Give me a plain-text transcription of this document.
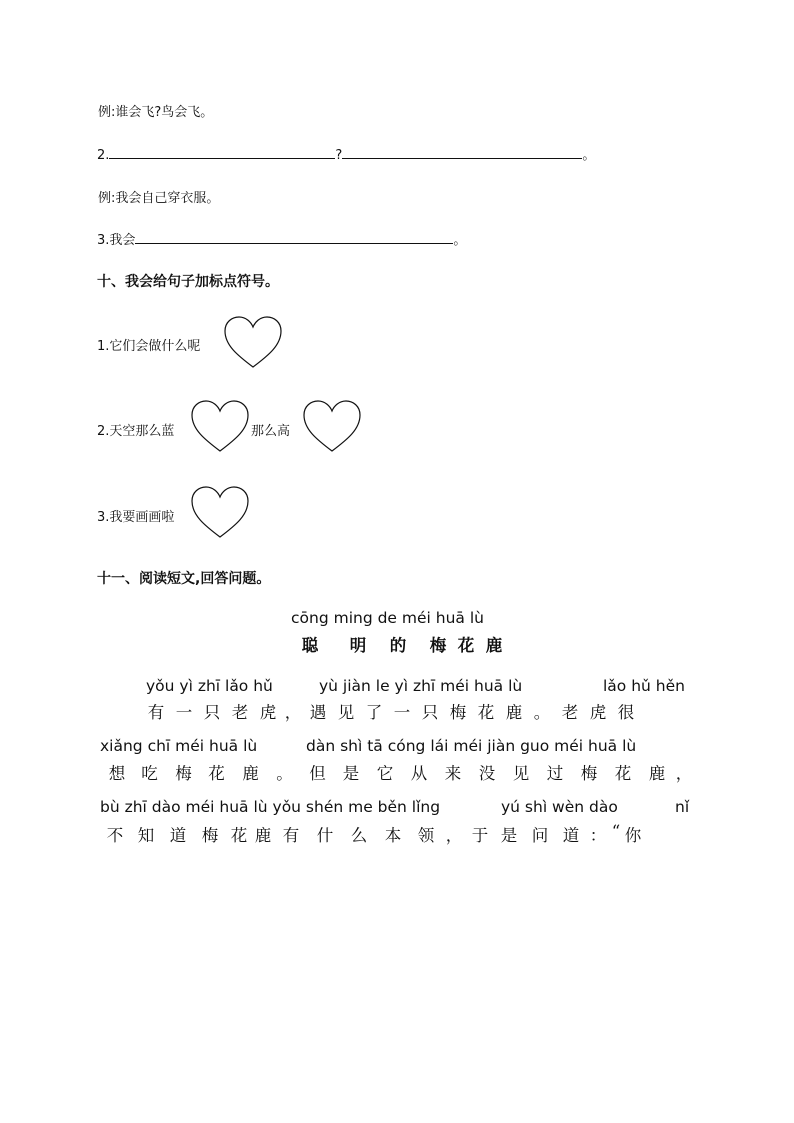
例:谁会飞?鸟会飞。
2.	?	。
例:我会自己穿衣服。
3.我会	。
十、我会给句子加标点符号。
1.它们会做什么呢
2.天空那么蓝	那么高
3.我要画画啦
十一、阅读短文,回答问题。
cōng ming de méi huā lù
聪	明	的	梅 花 鹿
yǒu yì zhī lǎo hǔ	yù jiàn le yì zhī méi huā lù	lǎo hǔ hěn
有 一 只 老 虎 ， 遇 见 了 一 只 梅 花 鹿 。 老 虎 很
xiǎng chī méi huā lù	dàn shì tā cóng lái méi jiàn guo méi huā lù
想 吃	梅	花	鹿	。	但	是	它	从	来	没	见	过	梅	花	鹿 ，
bù zhī dào méi huā lù yǒu shén me běn lǐng	yú shì wèn dào	nǐ
不 知 道 梅 花 鹿 有	什	么	本	领 ， 于 是 问 道 ： “ 你
